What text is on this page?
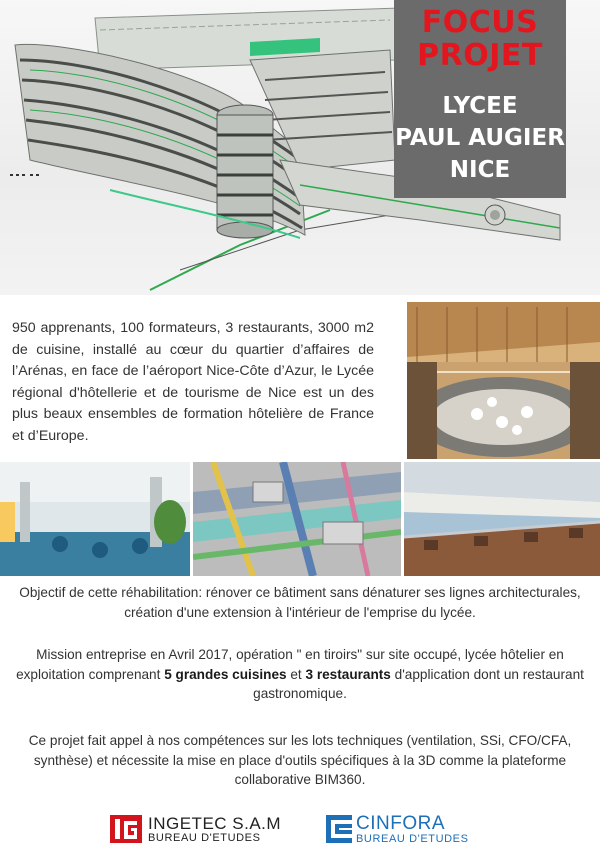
FOCUS
PROJET
LYCEE
PAUL AUGIER
NICE

950 apprenants, 100 formateurs, 3 restaurants, 3000 m2 de cuisine, installé au cœur du quartier d’affaires de l’Arénas, en face de l’aéroport Nice-Côte d’Azur, le Lycée régional d'hôtellerie et de tourisme de Nice est un des plus beaux ensembles de formation hôtelière de France et d’Europe.

Objectif de cette réhabilitation: rénover ce bâtiment sans dénaturer ses lignes architecturales, création d'une extension à l'intérieur de l'emprise du lycée.

Mission entreprise en Avril 2017, opération " en tiroirs" sur site occupé, lycée hôtelier en exploitation comprenant 5 grandes cuisines et 3 restaurants d'application dont un restaurant gastronomique.

Ce projet fait appel à nos compétences sur les lots techniques (ventilation, SSi, CFO/CFA, synthèse) et nécessite la mise en place d'outils spécifiques à la 3D comme la plateforme collaborative BIM360.

INGETEC S.A.M
BUREAU D'ETUDES
CINFORA
BUREAU D'ETUDES
